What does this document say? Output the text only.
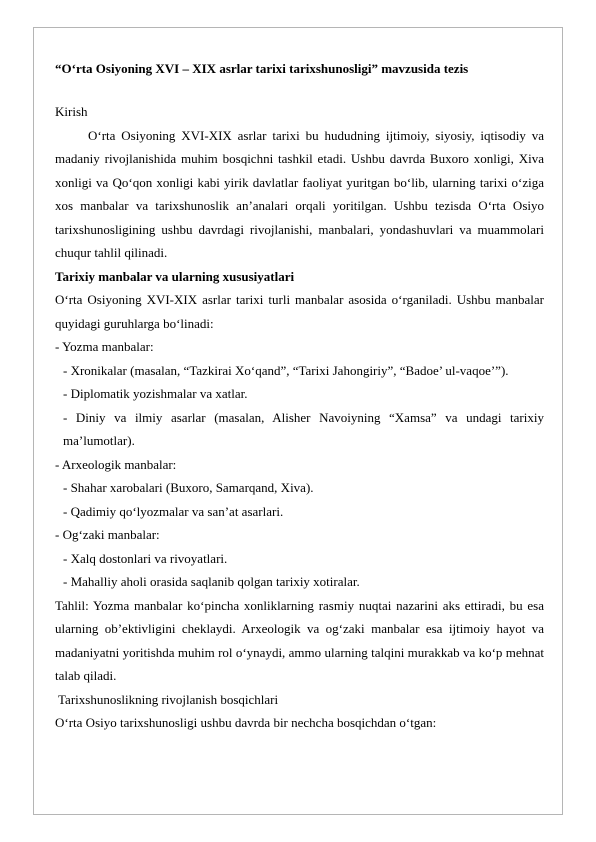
“O‘rta Osiyoning XVI – XIX asrlar tarixi tarixshunosligi” mavzusida tezis

Kirish

O‘rta Osiyoning XVI-XIX asrlar tarixi bu hududning ijtimoiy, siyosiy, iqtisodiy va madaniy rivojlanishida muhim bosqichni tashkil etadi. Ushbu davrda Buxoro xonligi, Xiva xonligi va Qo‘qon xonligi kabi yirik davlatlar faoliyat yuritgan bo‘lib, ularning tarixi o‘ziga xos manbalar va tarixshunoslik an’analari orqali yoritilgan. Ushbu tezisda O‘rta Osiyo tarixshunosligining ushbu davrdagi rivojlanishi, manbalari, yondashuvlari va muammolari chuqur tahlil qilinadi.

Tarixiy manbalar va ularning xususiyatlari

O‘rta Osiyoning XVI-XIX asrlar tarixi turli manbalar asosida o‘rganiladi. Ushbu manbalar quyidagi guruhlarga bo‘linadi:

- Yozma manbalar:

- Xronikalar (masalan, “Tazkirai Xo‘qand”, “Tarixi Jahongiriy”, “Badoe’ ul-vaqoe’”).

- Diplomatik yozishmalar va xatlar.

- Diniy va ilmiy asarlar (masalan, Alisher Navoiyning “Xamsa” va undagi tarixiy ma’lumotlar).

- Arxeologik manbalar:

- Shahar xarobalari (Buxoro, Samarqand, Xiva).

- Qadimiy qo‘lyozmalar va san’at asarlari.

- Og‘zaki manbalar:

- Xalq dostonlari va rivoyatlari.

- Mahalliy aholi orasida saqlanib qolgan tarixiy xotiralar.

Tahlil: Yozma manbalar ko‘pincha xonliklarning rasmiy nuqtai nazarini aks ettiradi, bu esa ularning ob’ektivligini cheklaydi. Arxeologik va og‘zaki manbalar esa ijtimoiy hayot va madaniyatni yoritishda muhim rol o‘ynaydi, ammo ularning talqini murakkab va ko‘p mehnat talab qiladi.

Tarixshunoslikning rivojlanish bosqichlari

O‘rta Osiyo tarixshunosligi ushbu davrda bir nechcha bosqichdan o‘tgan:
